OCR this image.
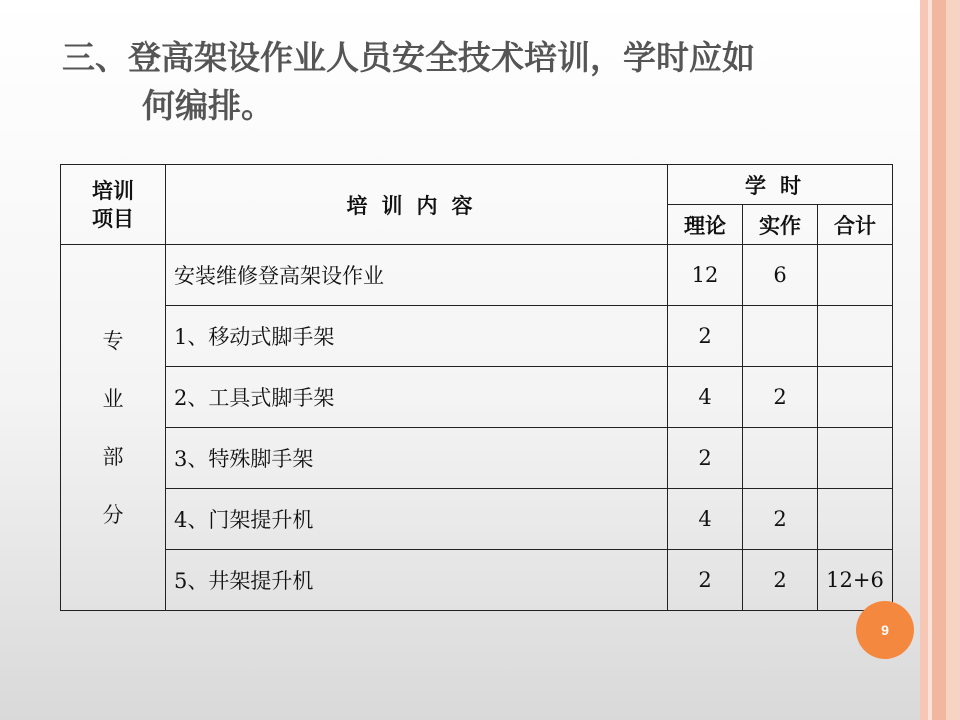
三、登高架设作业人员安全技术培训，学时应如
何编排。
培训
项目	培训内容	学时		
		理论	实作	合计

专
业
部
分	安装维修登高架设作业	12	6	
	1、移动式脚手架	2		
	2、工具式脚手架	4	2	
	3、特殊脚手架	2		
	4、门架提升机	4	2	
	5、井架提升机	2	2	12+6
9
